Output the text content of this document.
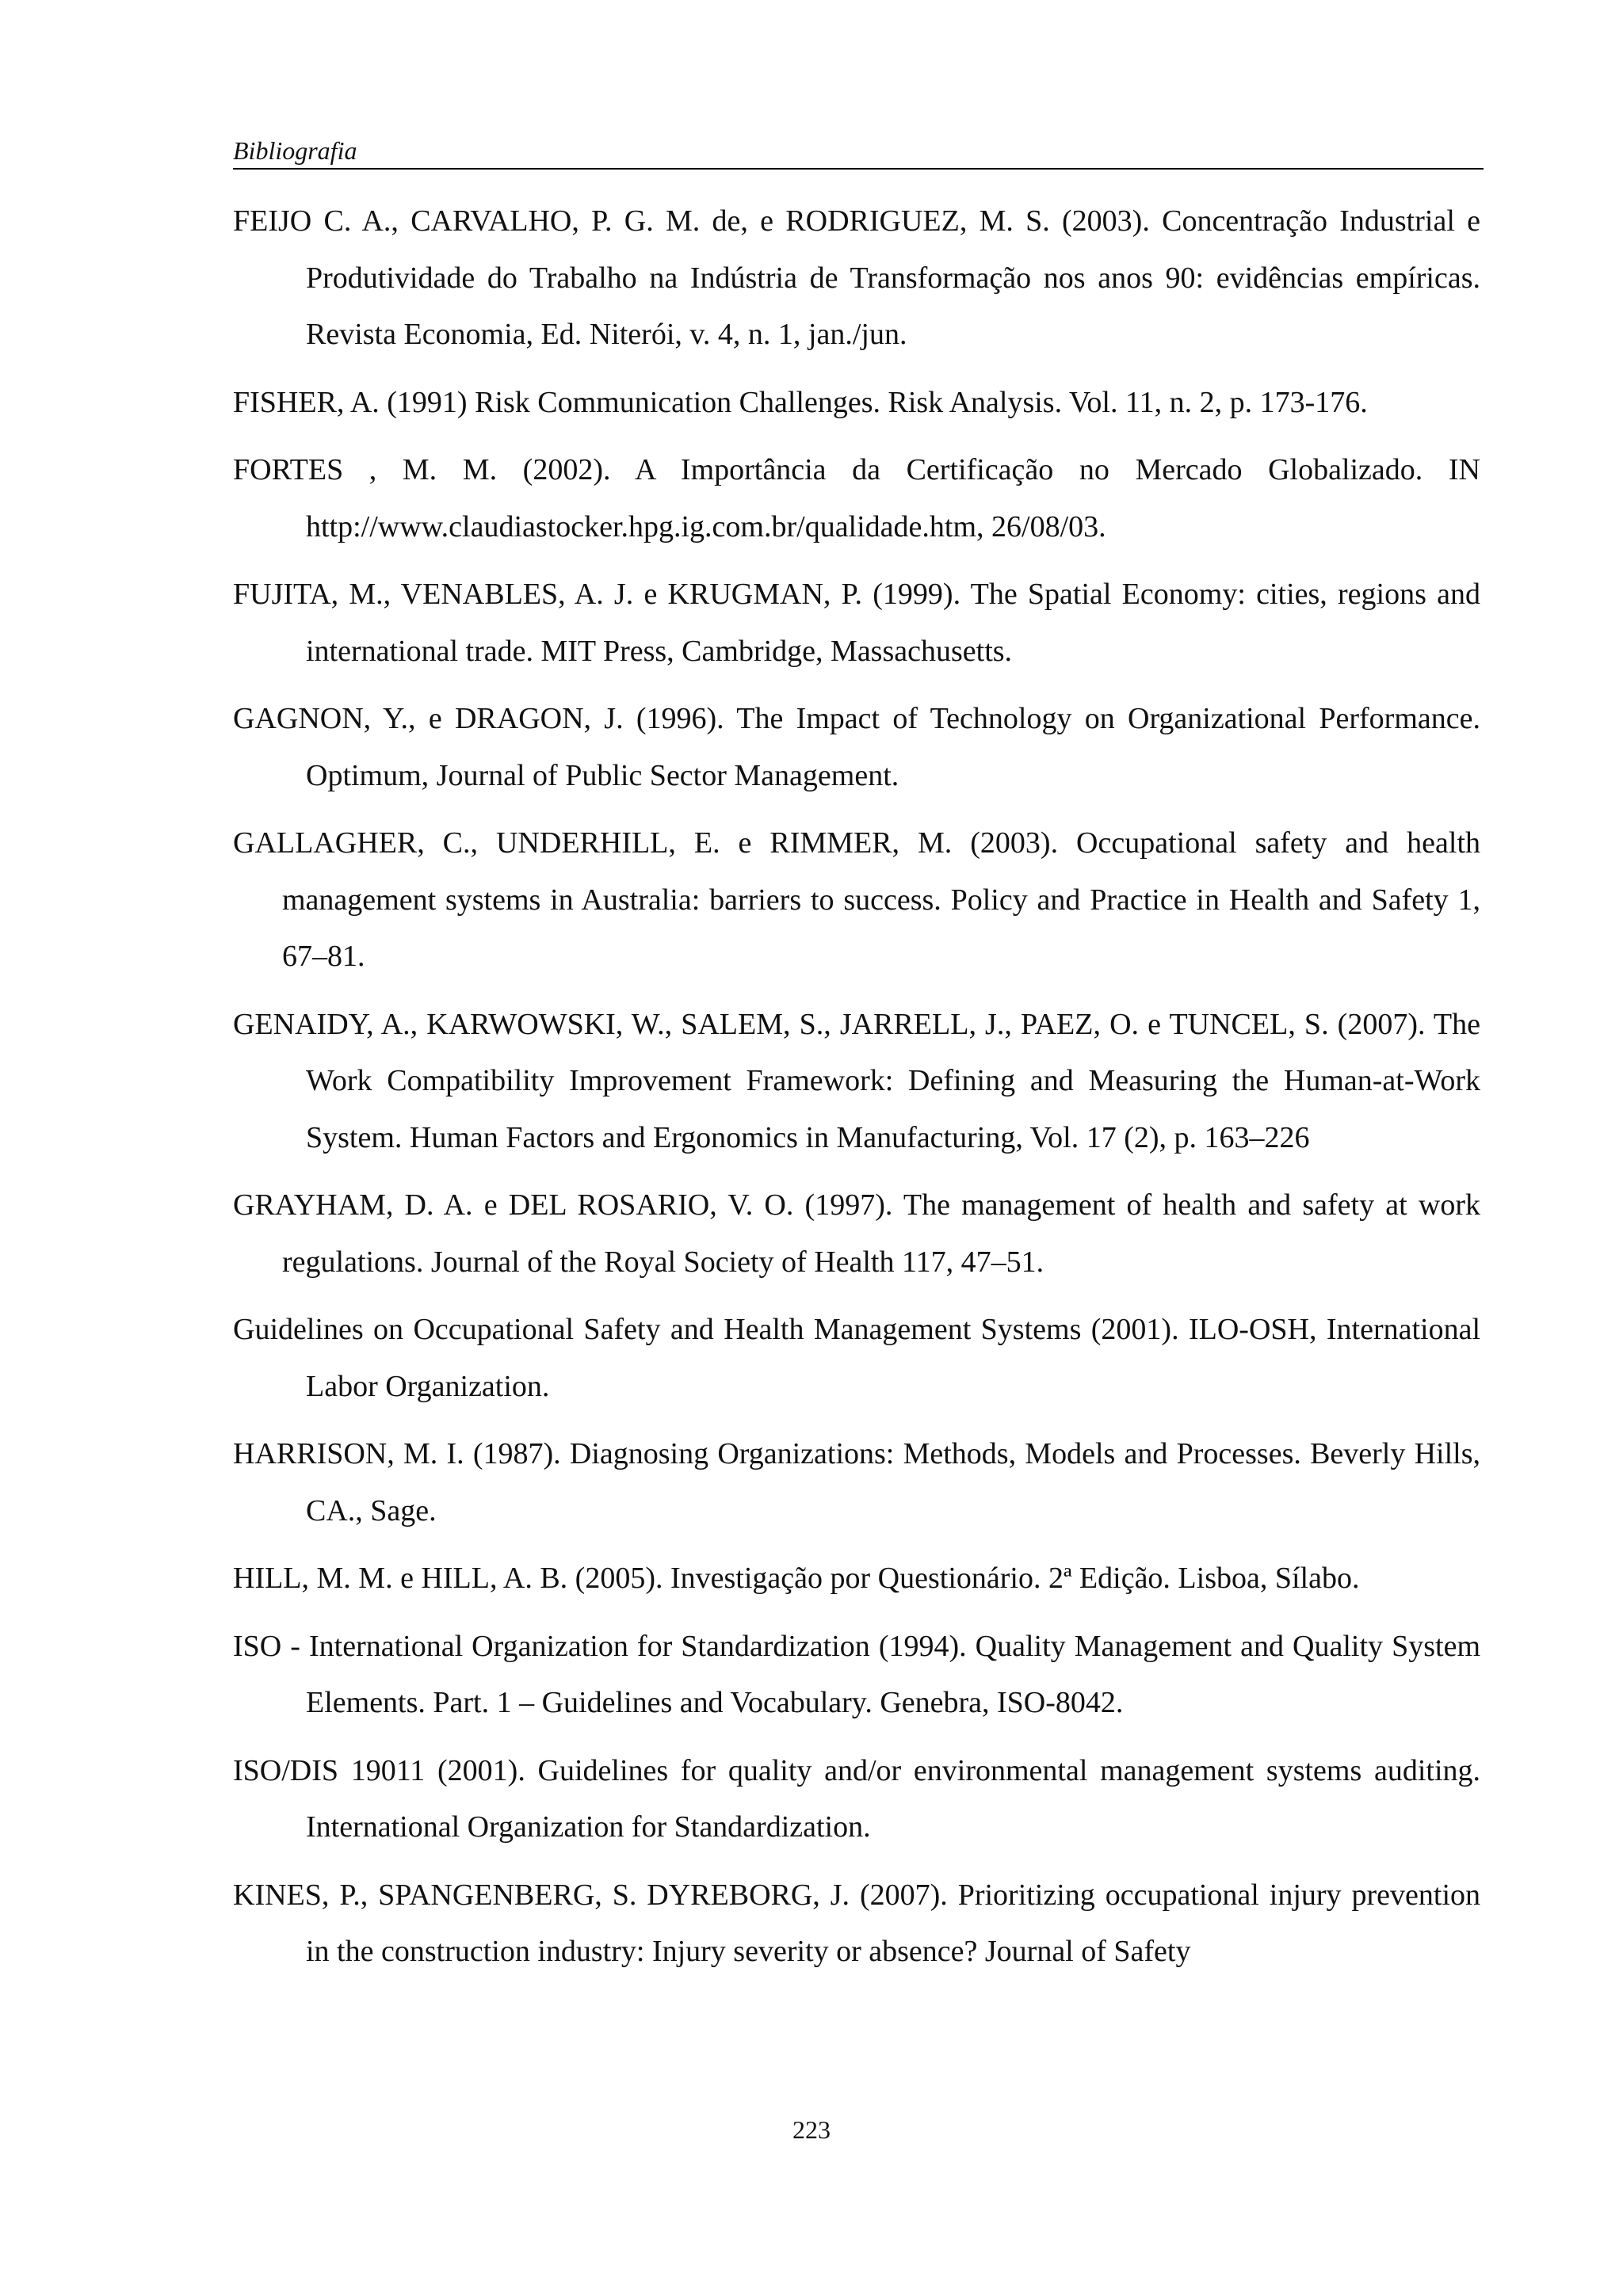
Bibliografia
FEIJO C. A., CARVALHO, P. G. M. de, e RODRIGUEZ, M. S. (2003). Concentração Industrial e Produtividade do Trabalho na Indústria de Transformação nos anos 90: evidências empíricas. Revista Economia, Ed. Niterói, v. 4, n. 1, jan./jun.
FISHER, A. (1991) Risk Communication Challenges. Risk Analysis. Vol. 11, n. 2, p. 173-176.
FORTES , M. M. (2002). A Importância da Certificação no Mercado Globalizado. IN http://www.claudiastocker.hpg.ig.com.br/qualidade.htm, 26/08/03.
FUJITA, M., VENABLES, A. J. e KRUGMAN, P. (1999). The Spatial Economy: cities, regions and international trade. MIT Press, Cambridge, Massachusetts.
GAGNON, Y., e DRAGON, J. (1996). The Impact of Technology on Organizational Performance. Optimum, Journal of Public Sector Management.
GALLAGHER, C., UNDERHILL, E. e RIMMER, M. (2003). Occupational safety and health management systems in Australia: barriers to success. Policy and Practice in Health and Safety 1, 67–81.
GENAIDY, A., KARWOWSKI, W., SALEM, S., JARRELL, J., PAEZ, O. e TUNCEL, S. (2007). The Work Compatibility Improvement Framework: Defining and Measuring the Human-at-Work System. Human Factors and Ergonomics in Manufacturing, Vol. 17 (2), p. 163–226
GRAYHAM, D. A. e DEL ROSARIO, V. O. (1997). The management of health and safety at work regulations. Journal of the Royal Society of Health 117, 47–51.
Guidelines on Occupational Safety and Health Management Systems (2001). ILO-OSH, International Labor Organization.
HARRISON, M. I. (1987). Diagnosing Organizations: Methods, Models and Processes. Beverly Hills, CA., Sage.
HILL, M. M. e HILL, A. B. (2005). Investigação por Questionário. 2ª Edição. Lisboa, Sílabo.
ISO - International Organization for Standardization (1994). Quality Management and Quality System Elements. Part. 1 – Guidelines and Vocabulary. Genebra, ISO-8042.
ISO/DIS 19011 (2001). Guidelines for quality and/or environmental management systems auditing. International Organization for Standardization.
KINES, P., SPANGENBERG, S. DYREBORG, J. (2007). Prioritizing occupational injury prevention in the construction industry: Injury severity or absence? Journal of Safety
223
